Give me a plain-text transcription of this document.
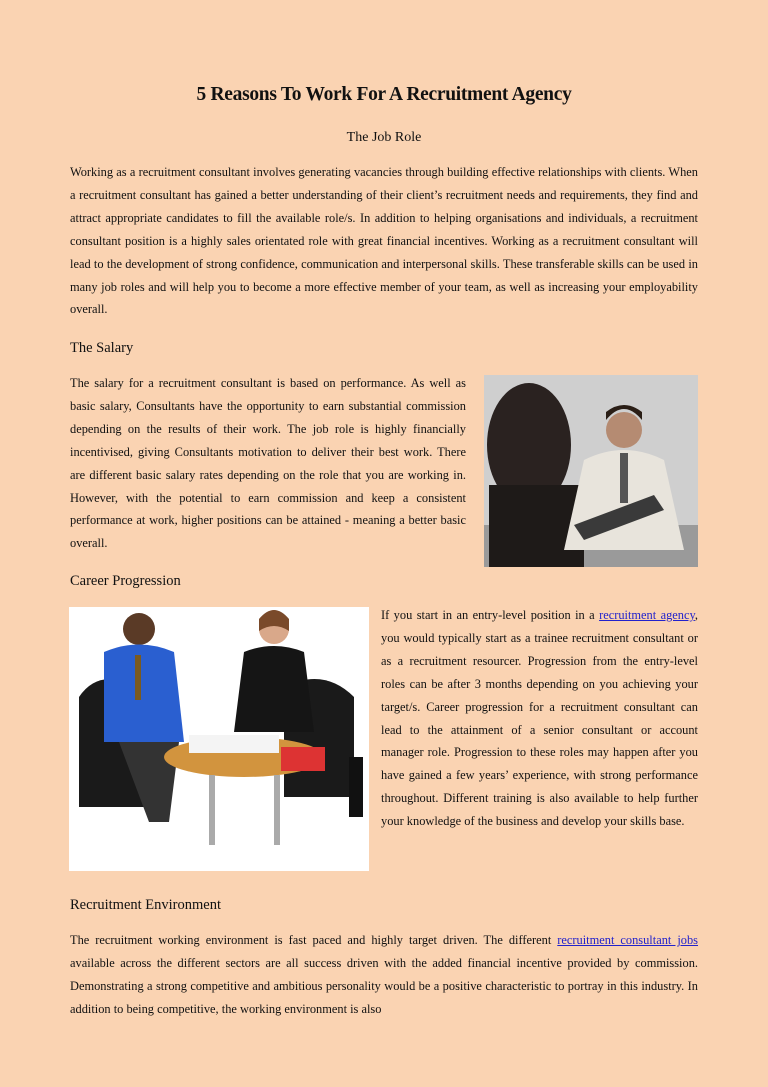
5 Reasons To Work For A Recruitment Agency
The Job Role

Working as a recruitment consultant involves generating vacancies through building effective relationships with clients. When a recruitment consultant has gained a better understanding of their client’s recruitment needs and requirements, they find and attract appropriate candidates to fill the available role/s. In addition to helping organisations and individuals, a recruitment consultant position is a highly sales orientated role with great financial incentives. Working as a recruitment consultant will lead to the development of strong confidence, communication and interpersonal skills. These transferable skills can be used in many job roles and will help you to become a more effective member of your team, as well as increasing your employability overall.

The Salary

The salary for a recruitment consultant is based on performance. As well as basic salary, Consultants have the opportunity to earn substantial commission depending on the results of their work. The job role is highly financially incentivised, giving Consultants motivation to deliver their best work. There are different basic salary rates depending on the role that you are working in. However, with the potential to earn commission and keep a consistent performance at work, higher positions can be attained - meaning a better basic overall.

Career Progression

If you start in an entry-level position in a recruitment agency, you would typically start as a trainee recruitment consultant or as a recruitment resourcer. Progression from the entry-level roles can be after 3 months depending on you achieving your target/s. Career progression for a recruitment consultant can lead to the attainment of a senior consultant or account manager role. Progression to these roles may happen after you have gained a few years’ experience, with strong performance throughout. Different training is also available to help further your knowledge of the business and develop your skills base.

Recruitment Environment

The recruitment working environment is fast paced and highly target driven. The different recruitment consultant jobs available across the different sectors are all success driven with the added financial incentive provided by commission. Demonstrating a strong competitive and ambitious personality would be a positive characteristic to portray in this industry. In addition to being competitive, the working environment is also
